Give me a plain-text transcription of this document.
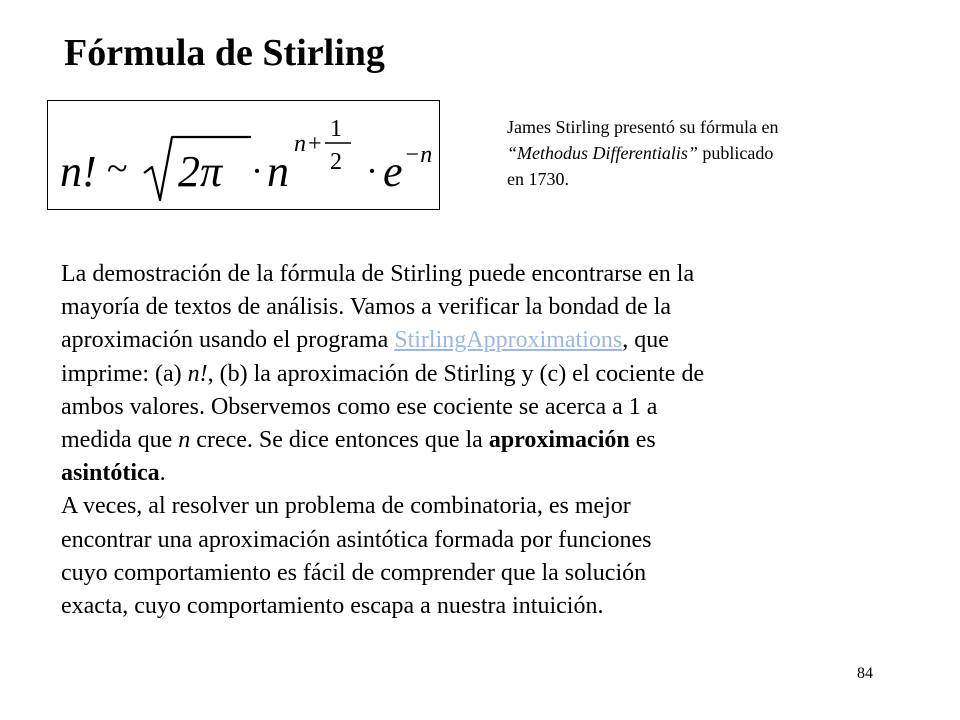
Fórmula de Stirling
n! ~ 2π · n
n +
1
2 · e −n
James Stirling presentó su fórmula en
“Methodus Differentialis” publicado
en 1730.
La demostración de la fórmula de Stirling puede encontrarse en la
mayoría de textos de análisis. Vamos a verificar la bondad de la
aproximación usando el programa StirlingApproximations, que
imprime: (a) n!, (b) la aproximación de Stirling y (c) el cociente de
ambos valores. Observemos como ese cociente se acerca a 1 a
medida que n crece. Se dice entonces que la aproximación es
asintótica.
A veces, al resolver un problema de combinatoria, es mejor
encontrar una aproximación asintótica formada por funciones
cuyo comportamiento es fácil de comprender que la solución
exacta, cuyo comportamiento escapa a nuestra intuición.
84
